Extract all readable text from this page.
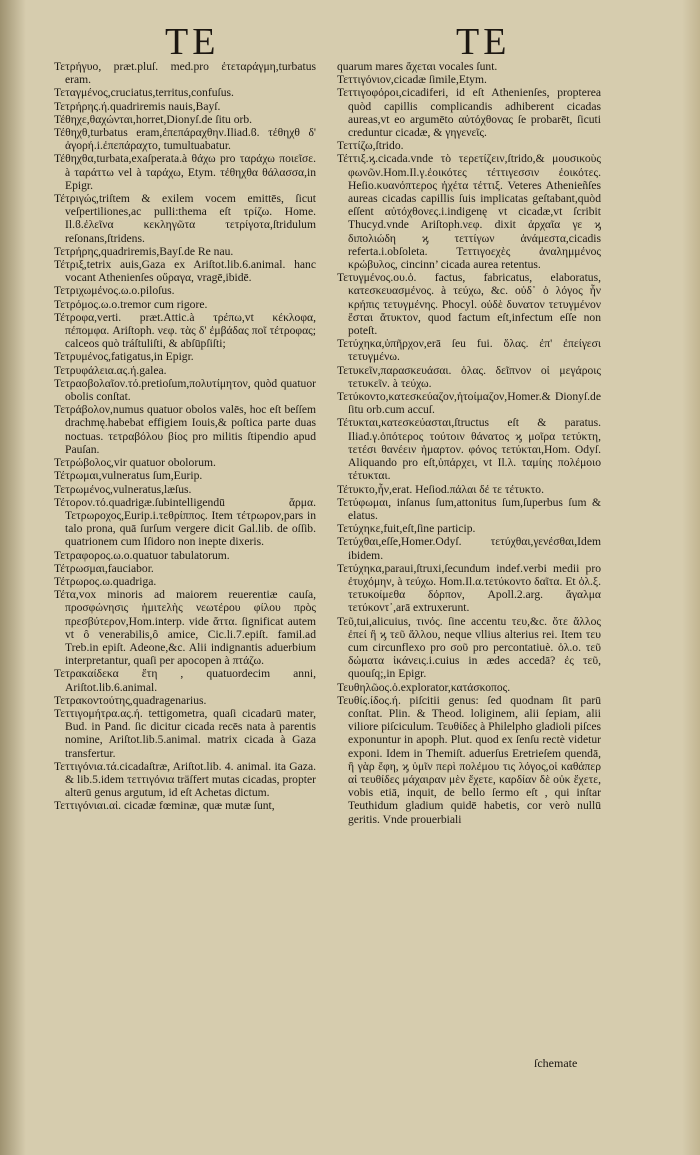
TE	TE

Τετρήγυο, præt.pluſ. med.pro ἐτεταράγμη,turbatus eram.

Τεταγμένος,cruciatus,territus,confuſus.

Τετρήρης.ή.quadriremis nauis,Bayſ.

Τέθηχε,θαχώνται,horret,Dionyſ.de ſitu orb.

Τέθηχθ,turbatus eram,ἐπεπάραχθην.Iliad.ϐ. τέθηχθ δ' ἀγορή.i.ἐπεπάραχτο, tumultuabatur.

Τέθηχθα,turbata,exaſperata.à θάχω pro ταράχω ποιεῖσε. à ταράττω vel à ταράχω, Etym. τέθηχθα θάλασσα,in Epigr.

Τέτριγώς,triſtem & exilem vocem emittēs, ſicut veſpertiliones,ac pulli:thema eſt τρίζω. Home. Il.ϐ.ἐλεῖνα κεκληγῶτα τετρίγοτα,ſtridulum reſonans,ſtridens.

Τετρήρης,quadriremis,Bayſ.de Re nau.

Τέτριξ,tetrix auis,Gaza ex Ariſtot.lib.6.animal. hanc vocant Athenienſes οὔραγα, vragē,ibidē.

Τετριχωμένος.ω.ο.piloſus.

Τετρόμος.ω.ο.tremor cum rigore.

Τέτροφα,verti. præt.Attic.à τρέπω,vt κέκλοφα, πέπομφα. Ariſtoph. νεφ. τὰς δ' ἐμβάδας ποῖ τέτροφας; calceos quò tráſtuliſti, & abſūpſiſti;

Τετρυμένος,fatigatus,in Epigr.

Τετρυφάλεια.ας.ή.galea.

Τετραοβολαῖον.τό.pretioſum,πολυτίμητον, quòd quatuor obolis conſtat.

Τετράβολον,numus quatuor obolos valēs, hoc eſt beſſem drachmę.habebat effigiem Iouis,& poſtica parte duas noctuas. τετραβόλου βίος pro militis ſtipendio apud Pauſan.

Τετρώβολος,vir quatuor obolorum.

Τέτρωμαι,vulneratus ſum,Eurip.

Τετρωμένος,vulneratus,læſus.

Τέτορον.τό.quadrigæ.ſubintelligendū ἅρμα. Τετρωροχος,Eurip.i.τεθρίππος. Item τέτρωρον,pars in talo prona, quā ſurſum vergere dicit Gal.lib. de oſſib. quatrionem cum Iſidoro non inepte dixeris.

Τετραφορος.ω.ο.quatuor tabulatorum.

Τέτρωσμαι,fauciabor.

Τέτρωρος.ω.quadriga.

Τέτα,vox minoris ad maiorem reuerentiæ cauſa, προσφώνησις ἡμιτελὴς νεωτέρου φίλου πρὸς πρεσβύτερον,Hom.interp. vide ἄττα. ſignificat autem vt ô venerabilis,ô amice, Cic.li.7.epiſt. famil.ad Treb.in epiſt. Adeone,&c. Alii indignantis aduerbium interpretantur, quaſi per apocopen à πτάζω.

Τετρακαίδεκα ἔτη , quatuordecim anni, Ariſtot.lib.6.animal.

Τετρακοντούτης,quadragenarius.

Τεττιγομήτρα.ας.ή. tettigometra, quaſi cicadarū mater, Bud. in Pand. ſic dicitur cicada recēs nata à parentis nomine, Ariſtot.lib.5.animal. matrix cicada à Gaza transfertur.

Τεττιγόνια.τά.cicadaſtræ, Ariſtot.lib. 4. animal. ita Gaza. & lib.5.idem τεττιγόνια träſfert mutas cicadas, propter alterū genus argutum, id eſt Achetas dictum.

Τεττιγόνιαι.αἱ. cicadæ fœminæ, quæ mutæ ſunt,

quarum mares ἄχεται vocales ſunt.

Τεττιγόνιον,cicadæ ſimile,Etym.

Τεττιγοφόροι,cicadiferi, id eſt Athenienſes, propterea quòd capillis complicandis adhiberent cicadas aureas,vt eo argumēto αὐτόχθονας ſe probarēt, ſicuti creduntur cicadæ, & γηγενεῖς.

Τεττίζω,ſtrido.

Τέττιξ.ϗ.cicada.vnde τὸ τερετίζειν,ſtrido,& μουσικοὺς φωνῶν.Hom.Il.γ.ἐοικότες τέττιγεσσιν ἐοικότες. Heſio.κυανόπτερος ἠχέτα τέττιξ. Veteres Athenieñſes aureas cicadas capillis ſuis implicatas geſtabant,quòd eſſent αὐτόχθονες.i.indigenę vt cicadæ,vt ſcribit Thucyd.vnde Ariſtoph.νεφ. dixit ἀρχαῖα γε ϗ διπολιώδη ϗ τεττίγων ἀνάμεστα,cicadis referta.i.obſoleta. Τεττιγοεχὲς ἀναλημμένος κρώβυλος, cincinn’ cicada aurea retentus.

Τετυγμένος.ου.ὁ. factus, fabricatus, elaboratus, κατεσκευασμένος. à τεύχω, &c. οὐδ᾽ ὁ λόγος ἦν κρήπις τετυγμένης. Phocyl. οὐδὲ δυνατον τετυγμένον ἔσται ἄτυκτον, quod factum eſt,infectum eſſe non poteſt.

Τετύχηκα,ὑπῆρχον,erā ſeu fui. ὅλας. ἐπ' ἐπείγεσι τετυγμένω.

Τετυκεῖν,παρασκευάσαι. ὁλας. δεῖπνον οἱ μεγάροις τετυκεῖν. à τεύχω.

Τετύκοντο,κατεσκεύαζον,ἡτοίμαζον,Homer.& Dionyſ.de ſitu orb.cum accuſ.

Τέτυκται,κατεσκεύασται,ſtructus eſt & paratus. Iliad.γ.ὁπότερος τούτοιν θάνατος ϗ μοῖρα τετύκτη, τετέσι θανέειν ἡμαρτον. φόνος τετύκται,Hom. Odyſ. Aliquando pro eſt,ὑπάρχει, vt Il.λ. ταμίης πολέμοιο τέτυκται.

Τέτυκτο,ἦν,erat. Heſiod.πάλαι δέ τε τέτυκτο.

Τετύφωμαι, inſanus ſum,attonitus ſum,ſuperbus ſum & elatus.

Τετύχηκε,fuit,eſt,ſine particip.

Τετύχθαι,eſſe,Homer.Odyſ. τετύχθαι,γενέσθαι,Idem ibidem.

Τετύχηκα,paraui,ſtruxi,ſecundum indef.verbi medii pro ἐτυχόμην, à τεύχω. Hom.Il.α.τετύκοντο δαῖτα. Et ὁλ.ξ. τετυκοίμεθα δόρπον, Apoll.2.arg. ἄγαλμα τετύκοντ᾽,arā extruxerunt.

Τεῦ,tui,alicuius, τινός. ſine accentu τευ,&c. ὅτε ἄλλος ἐπεί ἢ ϗ τεῦ ἄλλου, neque vllius alterius rei. Item τευ cum circunflexo pro σοῦ pro percontatiuè. ὁλ.ο. τεῦ δώματα ἱκάνεις.i.cuius in ædes accedā? ἐς τεῦ, quouſq;,in Epigr.

Τευθηλῶος.ὁ.explorator,κατάσκοπος.

Τευθίς.ίδος.ή. piſcitii genus: ſed quodnam ſit parū conſtat. Plin. & Theod. loliginem, alii ſepiam, alii viliore piſciculum. Τευθίδες à Philelpho gladioli piſces exponuntur in apoph. Plut. quod ex ſenſu rectè videtur exponi. Idem in Themiſt. aduerſus Eretrieſem quendā, ἢ γὰρ ἔφη, ϗ ὑμῖν περὶ πολέμου τις λόγος,οἱ καθάπερ αἱ τευθίδες μάχαιραν μὲν ἔχετε, καρδίαν δὲ οὐκ ἔχετε, vobis etiā, inquit, de bello ſermo eſt , qui inſtar Teuthidum gladium quidē habetis, cor verò nullū geritis. Vnde prouerbiali

ſchemate
